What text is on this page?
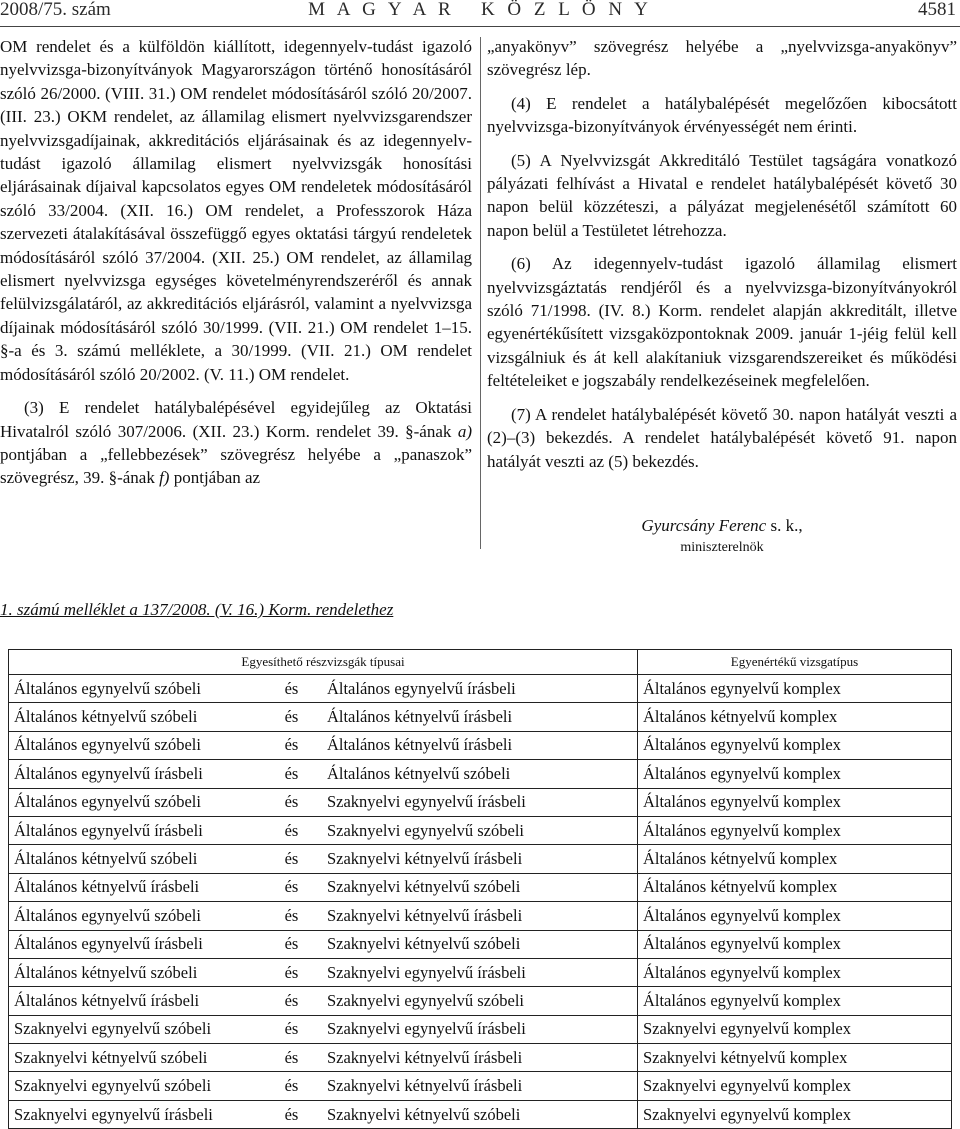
2008/75. szám	M A G Y A R   K Ö Z L Ö N Y	4581

OM rendelet és a külföldön kiállított, idegennyelv-tudást igazoló nyelvvizsga-bizonyítványok Magyarországon történő honosításáról szóló 26/2000. (VIII. 31.) OM rendelet módosításáról szóló 20/2007. (III. 23.) OKM rendelet, az államilag elismert nyelvvizsgarendszer nyelvvizsgadíjainak, akkreditációs eljárásainak és az idegennyelv-tudást igazoló államilag elismert nyelvvizsgák honosítási eljárásainak díjaival kapcsolatos egyes OM rendeletek módosításáról szóló 33/2004. (XII. 16.) OM rendelet, a Professzorok Háza szervezeti átalakításával összefüggő egyes oktatási tárgyú rendeletek módosításáról szóló 37/2004. (XII. 25.) OM rendelet, az államilag elismert nyelvvizsga egységes követelményrendszeréről és annak felülvizsgálatáról, az akkreditációs eljárásról, valamint a nyelvvizsga díjainak módosításáról szóló 30/1999. (VII. 21.) OM rendelet 1–15. §-a és 3. számú melléklete, a 30/1999. (VII. 21.) OM rendelet módosításáról szóló 20/2002. (V. 11.) OM rendelet.

(3) E rendelet hatálybalépésével egyidejűleg az Oktatási Hivatalról szóló 307/2006. (XII. 23.) Korm. rendelet 39. §-ának a) pontjában a „fellebbezések” szövegrész helyébe a „panaszok” szövegrész, 39. §-ának f) pontjában az

„anyakönyv” szövegrész helyébe a „nyelvvizsga-anyakönyv” szövegrész lép.

(4) E rendelet a hatálybalépését megelőzően kibocsátott nyelvvizsga-bizonyítványok érvényességét nem érinti.

(5) A Nyelvvizsgát Akkreditáló Testület tagságára vonatkozó pályázati felhívást a Hivatal e rendelet hatálybalépését követő 30 napon belül közzéteszi, a pályázat megjelenésétől számított 60 napon belül a Testületet létrehozza.

(6) Az idegennyelv-tudást igazoló államilag elismert nyelvvizsgáztatás rendjéről és a nyelvvizsga-bizonyítványokról szóló 71/1998. (IV. 8.) Korm. rendelet alapján akkreditált, illetve egyenértékűsített vizsgaközpontoknak 2009. január 1-jéig felül kell vizsgálniuk és át kell alakítaniuk vizsgarendszereiket és működési feltételeiket e jogszabály rendelkezéseinek megfelelően.

(7) A rendelet hatálybalépését követő 30. napon hatályát veszti a (2)–(3) bekezdés. A rendelet hatálybalépését követő 91. napon hatályát veszti az (5) bekezdés.

Gyurcsány Ferenc s. k.,
miniszterelnök
1. számú melléklet a 137/2008. (V. 16.) Korm. rendelethez
Egyesíthető részvizsgák típusai			Egyenértékű vizsgatípus
Általános egynyelvű szóbeli	és	Általános egynyelvű írásbeli	Általános egynyelvű komplex
Általános kétnyelvű szóbeli	és	Általános kétnyelvű írásbeli	Általános kétnyelvű komplex
Általános egynyelvű szóbeli	és	Általános kétnyelvű írásbeli	Általános egynyelvű komplex
Általános egynyelvű írásbeli	és	Általános kétnyelvű szóbeli	Általános egynyelvű komplex
Általános egynyelvű szóbeli	és	Szaknyelvi egynyelvű írásbeli	Általános egynyelvű komplex
Általános egynyelvű írásbeli	és	Szaknyelvi egynyelvű szóbeli	Általános egynyelvű komplex
Általános kétnyelvű szóbeli	és	Szaknyelvi kétnyelvű írásbeli	Általános kétnyelvű komplex
Általános kétnyelvű írásbeli	és	Szaknyelvi kétnyelvű szóbeli	Általános kétnyelvű komplex
Általános egynyelvű szóbeli	és	Szaknyelvi kétnyelvű írásbeli	Általános egynyelvű komplex
Általános egynyelvű írásbeli	és	Szaknyelvi kétnyelvű szóbeli	Általános egynyelvű komplex
Általános kétnyelvű szóbeli	és	Szaknyelvi egynyelvű írásbeli	Általános egynyelvű komplex
Általános kétnyelvű írásbeli	és	Szaknyelvi egynyelvű szóbeli	Általános egynyelvű komplex
Szaknyelvi egynyelvű szóbeli	és	Szaknyelvi egynyelvű írásbeli	Szaknyelvi egynyelvű komplex
Szaknyelvi kétnyelvű szóbeli	és	Szaknyelvi kétnyelvű írásbeli	Szaknyelvi kétnyelvű komplex
Szaknyelvi egynyelvű szóbeli	és	Szaknyelvi kétnyelvű írásbeli	Szaknyelvi egynyelvű komplex
Szaknyelvi egynyelvű írásbeli	és	Szaknyelvi kétnyelvű szóbeli	Szaknyelvi egynyelvű komplex
